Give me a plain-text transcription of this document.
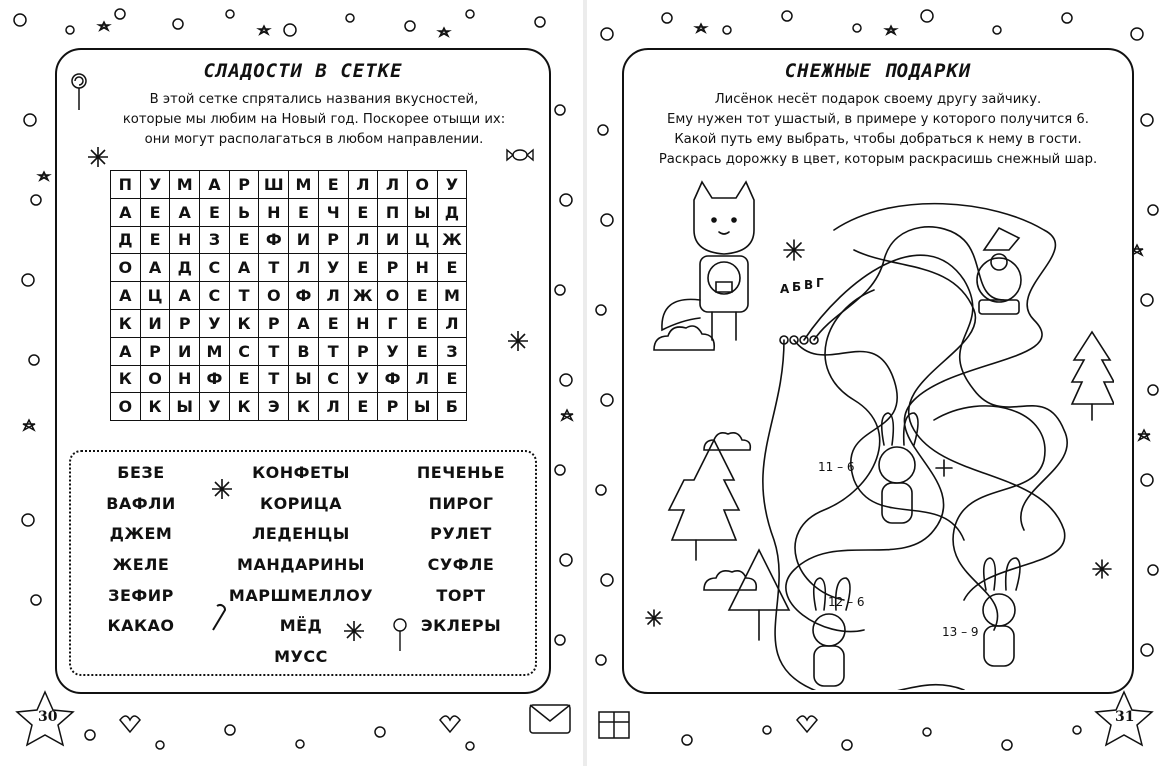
30
СЛАДОСТИ В СЕТКЕ
В этой сетке спрятались названия вкусностей,
которые мы любим на Новый год. Поскорее отыщи их:
они могут располагаться в любом направлении.
П	У	М	А	Р	Ш	М	Е	Л	Л	О	У
А	Е	А	Е	Ь	Н	Е	Ч	Е	П	Ы	Д
Д	Е	Н	З	Е	Ф	И	Р	Л	И	Ц	Ж
О	А	Д	С	А	Т	Л	У	Е	Р	Н	Е
А	Ц	А	С	Т	О	Ф	Л	Ж	О	Е	М
К	И	Р	У	К	Р	А	Е	Н	Г	Е	Л
А	Р	И	М	С	Т	В	Т	Р	У	Е	З
К	О	Н	Ф	Е	Т	Ы	С	У	Ф	Л	Е
О	К	Ы	У	К	Э	К	Л	Е	Р	Ы	Б
БЕЗЕ
ВАФЛИ
ДЖЕМ
ЖЕЛЕ
ЗЕФИР
КАКАО
КОНФЕТЫ
КОРИЦА
ЛЕДЕНЦЫ
МАНДАРИНЫ
МАРШМЕЛЛОУ
МЁД
МУСС
ПЕЧЕНЬЕ
ПИРОГ
РУЛЕТ
СУФЛЕ
ТОРТ
ЭКЛЕРЫ
31
СНЕЖНЫЕ ПОДАРКИ
Лисёнок несёт подарок своему другу зайчику.
Ему нужен тот ушастый, в примере у которого получится 6.
Какой путь ему выбрать, чтобы добраться к нему в гости.
Раскрась дорожку в цвет, которым раскрасишь снежный шар.
А Б В Г
11 – 6
12 – 6
13 – 9
